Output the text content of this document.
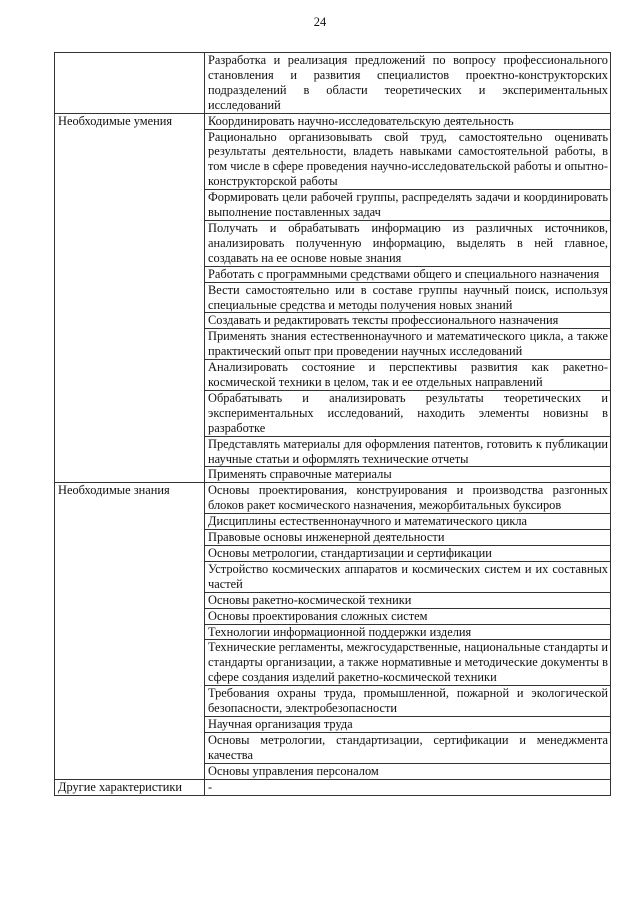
24
	Разработка и реализация предложений по вопросу профессионального становления и развития специалистов проектно-конструкторских подразделений в области теоретических и экспериментальных исследований
Необходимые умения	Координировать научно-исследовательскую деятельность
	Рационально организовывать свой труд, самостоятельно оценивать результаты деятельности, владеть навыками самостоятельной работы, в том числе в сфере проведения научно-исследовательской работы и опытно-конструкторской работы
	Формировать цели рабочей группы, распределять задачи и координировать выполнение поставленных задач
	Получать и обрабатывать информацию из различных источников, анализировать полученную информацию, выделять в ней главное, создавать на ее основе новые знания
	Работать с программными средствами общего и специального назначения
	Вести самостоятельно или в составе группы научный поиск, используя специальные средства и методы получения новых знаний
	Создавать и редактировать тексты профессионального назначения
	Применять знания естественнонаучного и математического цикла, а также практический опыт при проведении научных исследований
	Анализировать состояние и перспективы развития как ракетно-космической техники в целом, так и ее отдельных направлений
	Обрабатывать и анализировать результаты теоретических и экспериментальных исследований, находить элементы новизны в разработке
	Представлять материалы для оформления патентов, готовить к публикации научные статьи и оформлять технические отчеты
	Применять справочные материалы
Необходимые знания	Основы проектирования, конструирования и производства разгонных блоков ракет космического назначения, межорбитальных буксиров
	Дисциплины естественнонаучного и математического цикла
	Правовые основы инженерной деятельности
	Основы метрологии, стандартизации и сертификации
	Устройство космических аппаратов и космических систем и их составных частей
	Основы ракетно-космической техники
	Основы проектирования сложных систем
	Технологии информационной поддержки изделия
	Технические регламенты, межгосударственные, национальные стандарты и стандарты организации, а также нормативные и методические документы в сфере создания изделий ракетно-космической техники
	Требования охраны труда, промышленной, пожарной и экологической безопасности, электробезопасности
	Научная организация труда
	Основы метрологии, стандартизации, сертификации и менеджмента качества
	Основы управления персоналом
Другие характеристики	-
